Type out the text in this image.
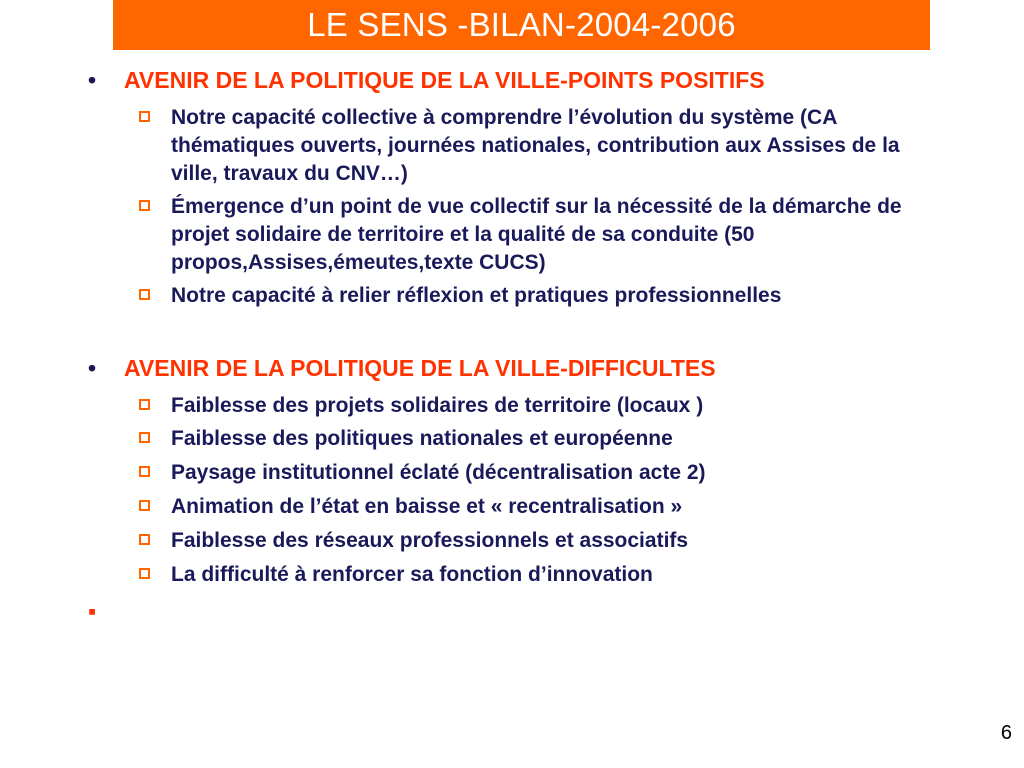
LE SENS -BILAN-2004-2006
• AVENIR DE LA POLITIQUE DE LA VILLE-POINTS POSITIFS
Notre capacité collective à comprendre l’évolution du système (CA thématiques ouverts, journées nationales, contribution aux Assises de la ville, travaux du CNV…)
Émergence d’un point de vue collectif sur la nécessité de la démarche de projet solidaire de territoire et la qualité de sa conduite (50 propos,Assises,émeutes,texte CUCS)
Notre capacité à relier réflexion et pratiques professionnelles
• AVENIR DE LA POLITIQUE DE LA VILLE-DIFFICULTES
Faiblesse des projets solidaires de territoire (locaux )
Faiblesse des politiques nationales et européenne
Paysage institutionnel éclaté (décentralisation acte 2)
Animation de l’état en baisse et « recentralisation »
Faiblesse des réseaux professionnels et associatifs
La difficulté à renforcer sa fonction d’innovation
▪
6
